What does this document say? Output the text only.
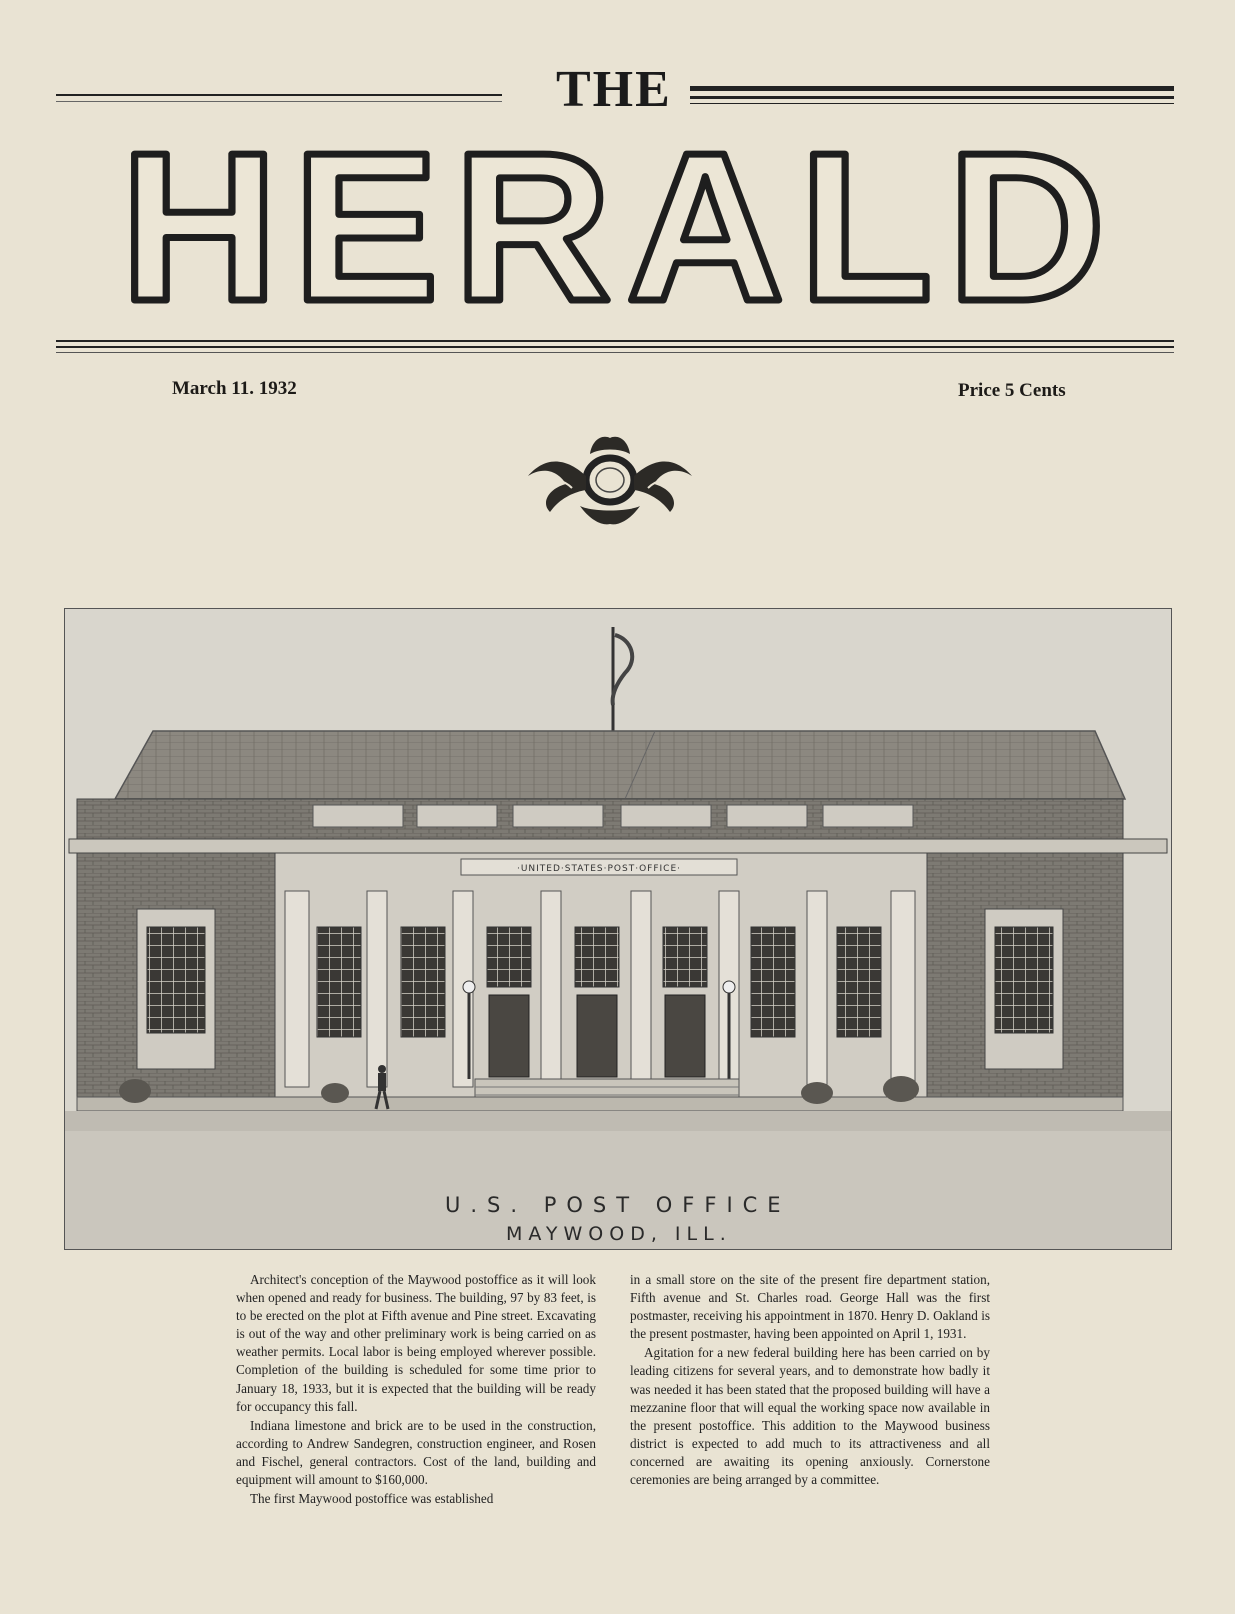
THE
HERALD
March 11. 1932	Price 5 Cents
·UNITED·STATES·POST·OFFICE·
U.S. POST OFFICE
MAYWOOD, ILL.

Architect's conception of the Maywood postoffice as it will look when opened and ready for business. The building, 97 by 83 feet, is to be erected on the plot at Fifth avenue and Pine street. Excavating is out of the way and other preliminary work is being carried on as weather permits. Local labor is being employed wherever possible. Completion of the building is scheduled for some time prior to January 18, 1933, but it is expected that the building will be ready for occupancy this fall.

Indiana limestone and brick are to be used in the construction, according to Andrew Sandegren, construction engineer, and Rosen and Fischel, general contractors. Cost of the land, building and equipment will amount to $160,000.

The first Maywood postoffice was established

in a small store on the site of the present fire department station, Fifth avenue and St. Charles road. George Hall was the first postmaster, receiving his appointment in 1870. Henry D. Oakland is the present postmaster, having been appointed on April 1, 1931.

Agitation for a new federal building here has been carried on by leading citizens for several years, and to demonstrate how badly it was needed it has been stated that the proposed building will have a mezzanine floor that will equal the working space now available in the present postoffice. This addition to the Maywood business district is expected to add much to its attractiveness and all concerned are awaiting its opening anxiously. Cornerstone ceremonies are being arranged by a committee.
